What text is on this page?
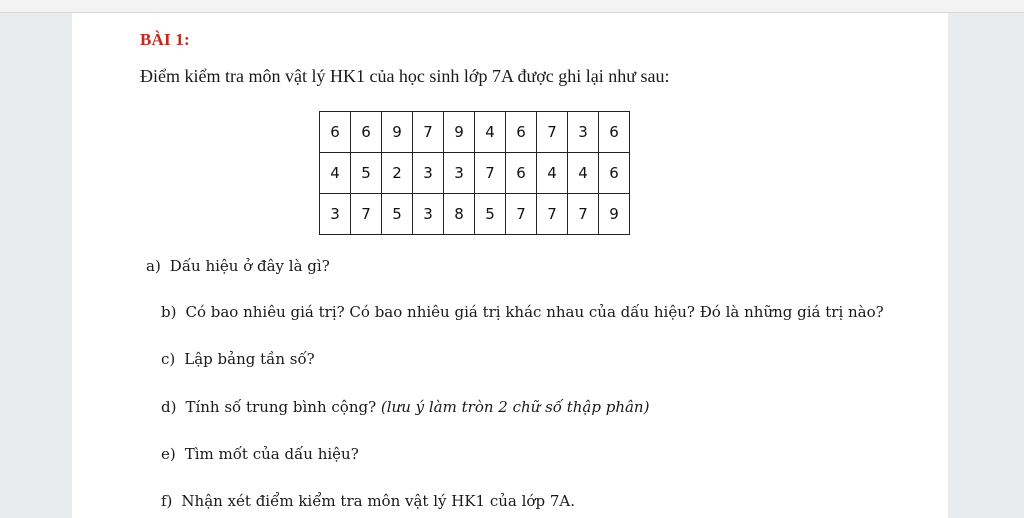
BÀI 1:
Điểm kiểm tra môn vật lý HK1 của học sinh lớp 7A được ghi lại như sau:
6	6	9	7	9	4	6	7	3	6
4	5	2	3	3	7	6	4	4	6
3	7	5	3	8	5	7	7	7	9
a) Dấu hiệu ở đây là gì?
b) Có bao nhiêu giá trị? Có bao nhiêu giá trị khác nhau của dấu hiệu? Đó là những giá trị nào?
c) Lập bảng tần số?
d) Tính số trung bình cộng? (lưu ý làm tròn 2 chữ số thập phân)
e) Tìm mốt của dấu hiệu?
f) Nhận xét điểm kiểm tra môn vật lý HK1 của lớp 7A.
